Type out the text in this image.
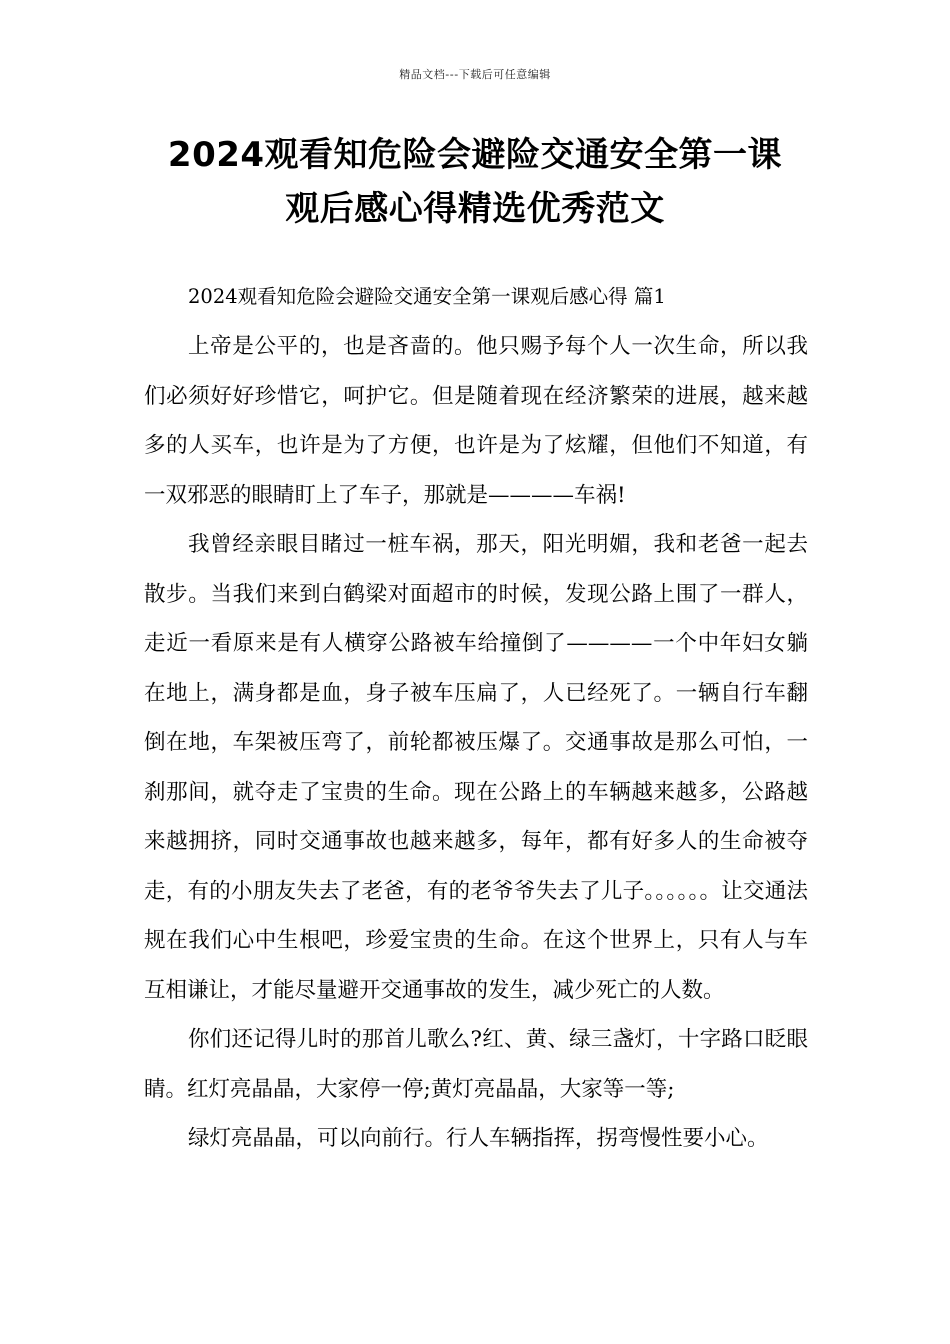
精品文档---下载后可任意编辑
2024观看知危险会避险交通安全第一课
观后感心得精选优秀范文

2024观看知危险会避险交通安全第一课观后感心得 篇1

上帝是公平的，也是吝啬的。他只赐予每个人一次生命，所以我们必须好好珍惜它，呵护它。但是随着现在经济繁荣的进展，越来越多的人买车，也许是为了方便，也许是为了炫耀，但他们不知道，有一双邪恶的眼睛盯上了车子，那就是————车祸!

我曾经亲眼目睹过一桩车祸，那天，阳光明媚，我和老爸一起去散步。当我们来到白鹤梁对面超市的时候，发现公路上围了一群人，走近一看原来是有人横穿公路被车给撞倒了————一个中年妇女躺在地上，满身都是血，身子被车压扁了，人已经死了。一辆自行车翻倒在地，车架被压弯了，前轮都被压爆了。交通事故是那么可怕，一刹那间，就夺走了宝贵的生命。现在公路上的车辆越来越多，公路越来越拥挤，同时交通事故也越来越多，每年，都有好多人的生命被夺走，有的小朋友失去了老爸，有的老爷爷失去了儿子。。。。。。让交通法规在我们心中生根吧，珍爱宝贵的生命。在这个世界上，只有人与车互相谦让，才能尽量避开交通事故的发生，减少死亡的人数。

你们还记得儿时的那首儿歌么?红、黄、绿三盏灯，十字路口眨眼睛。红灯亮晶晶，大家停一停;黄灯亮晶晶，大家等一等;

绿灯亮晶晶，可以向前行。行人车辆指挥，拐弯慢性要小心。
